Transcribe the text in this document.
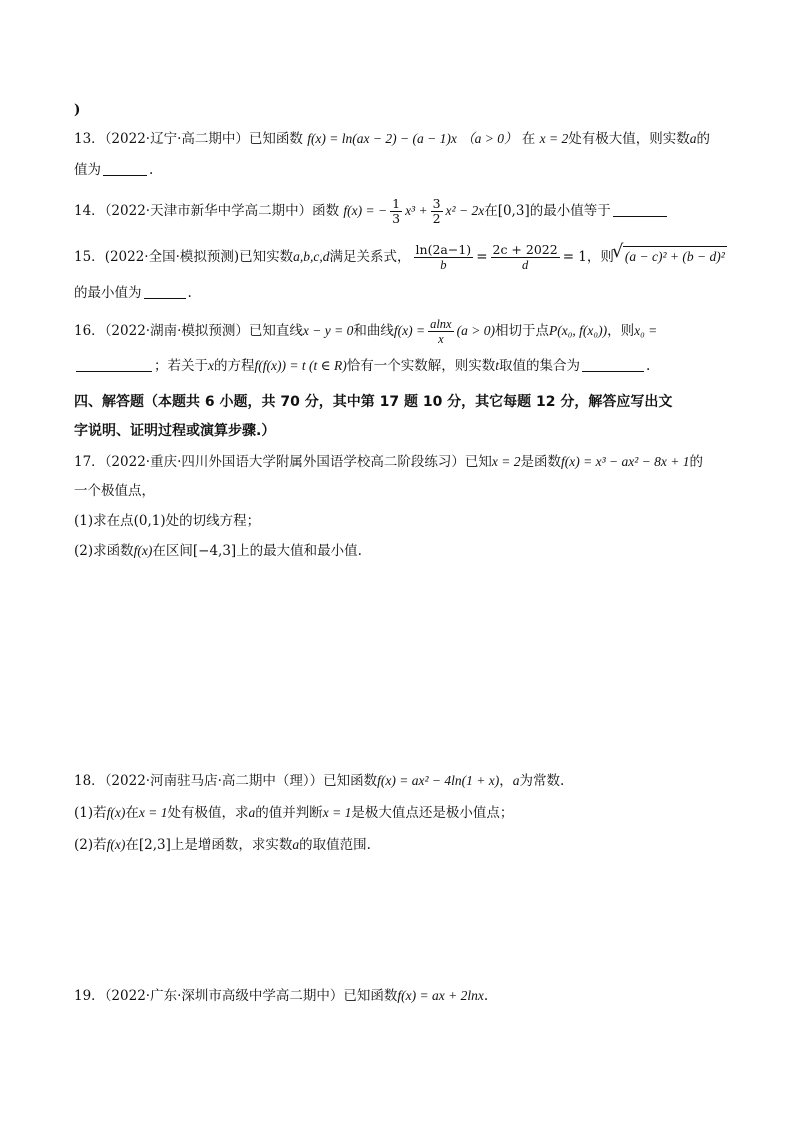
)
13．（2022·辽宁·高二期中）已知函数 f(x) = ln(ax − 2) − (a − 1)x （a > 0） 在 x = 2处有极大值，则实数a的
值为	.
14．（2022·天津市新华中学高二期中）函数 f(x) = − $\frac{1}{3} x^3 + \frac{3}{2} x^2 - 2x$在[0,3]的最小值等于
15．(2022·全国·模拟预测)已知实数a,b,c,d满足关系式， $\frac{\ln(2a-1)}{b} = \frac{2c + 2022}{d} = 1$，则√ (a − c)² + (b − d)²
的最小值为	.
16．（2022·湖南·模拟预测）已知直线x − y = 0和曲线$f(x) = \frac{alnx}{x} (a > 0)$相切于点P(x₀, f(x₀))，则x₀ =
；若关于x的方程f(f(x)) = t (t ∈ R)恰有一个实数解，则实数t取值的集合为	.
四、解答题（本题共 6 小题，共 70 分，其中第 17 题 10 分，其它每题 12 分，解答应写出文
字说明、证明过程或演算步骤.）
17．（2022·重庆·四川外国语大学附属外国语学校高二阶段练习）已知x = 2是函数f(x) = x³ − ax² − 8x + 1的
一个极值点，
(1)求在点(0,1)处的切线方程；
(2)求函数f(x)在区间[−4,3]上的最大值和最小值.
18．（2022·河南驻马店·高二期中（理））已知函数f(x) = ax² − 4ln(1 + x)，a为常数.
(1)若f(x)在x = 1处有极值，求a的值并判断x = 1是极大值点还是极小值点；
(2)若f(x)在[2,3]上是增函数，求实数a的取值范围.
19．（2022·广东·深圳市高级中学高二期中）已知函数f(x) = ax + 2lnx.
